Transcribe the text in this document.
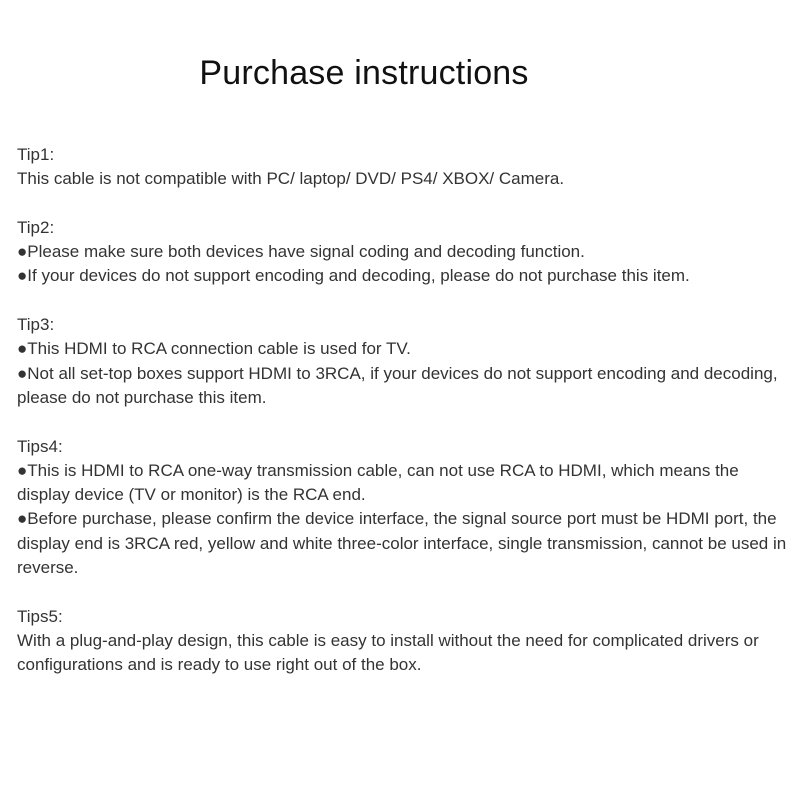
Purchase instructions

Tip1:

This cable is not compatible with PC/ laptop/ DVD/ PS4/ XBOX/ Camera.

Tip2:

●Please make sure both devices have signal coding and decoding function.

●If your devices do not support encoding and decoding, please do not purchase this item.

Tip3:

●This HDMI to RCA connection cable is used for TV.

●Not all set-top boxes support HDMI to 3RCA, if your devices do not support encoding and decoding, please do not purchase this item.

Tips4:

●This is HDMI to RCA one-way transmission cable, can not use RCA to HDMI, which means the display device (TV or monitor) is the RCA end.

●Before purchase, please confirm the device interface, the signal source port must be HDMI port, the display end is 3RCA red, yellow and white three-color interface, single transmission, cannot be used in reverse.

Tips5:

With a plug-and-play design, this cable is easy to install without the need for complicated drivers or configurations and is ready to use right out of the box.
